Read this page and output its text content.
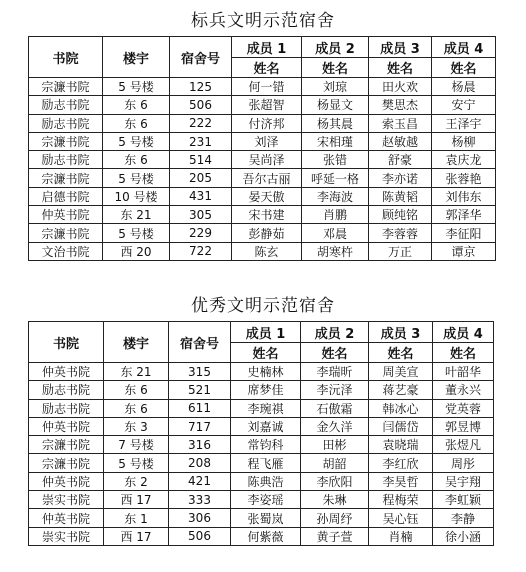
标兵文明示范宿舍
书院	楼宇	宿舍号	成员 1	成员 2	成员 3	成员 4
			姓名	姓名	姓名	姓名
宗濂书院	5 号楼	125	何一错	刘琼	田火欢	杨晨
励志书院	东 6	506	张超智	杨显文	樊思杰	安宁
励志书院	东 6	222	付济邦	杨其晨	索玉昌	王泽宇
宗濂书院	5 号楼	231	刘泽	宋相瑾	赵敏越	杨柳
励志书院	东 6	514	吴尚泽	张错	舒豪	袁庆龙
宗濂书院	5 号楼	205	吾尔古丽	呼延一格	李亦诺	张蓉艳
启德书院	10 号楼	431	晏天傲	李海波	陈黄韬	刘伟东
仲英书院	东 21	305	宋书建	肖鹏	顾纯铭	郭泽华
宗濂书院	5 号楼	229	彭静茹	邓晨	李蓉蓉	李征阳
文治书院	西 20	722	陈玄	胡寒杵	万正	谭京
优秀文明示范宿舍
书院	楼宇	宿舍号	成员 1	成员 2	成员 3	成员 4
			姓名	姓名	姓名	姓名
仲英书院	东 21	315	史楠林	李瑞昕	周美宣	叶韶华
励志书院	东 6	521	席梦佳	李沅泽	蒋艺豪	董永兴
励志书院	东 6	611	李琬祺	石傲霜	韩冰心	党英蓉
仲英书院	东 3	717	刘嘉诚	金久洋	闫儒岱	郭昱博
宗濂书院	7 号楼	316	常钧科	田彬	袁晓瑞	张煜凡
宗濂书院	5 号楼	208	程飞雁	胡韶	李红欣	周彤
仲英书院	东 2	421	陈典浩	李欣阳	李昊哲	吴宇翔
崇实书院	西 17	333	李姿瑶	朱琳	程梅荣	李虹颖
仲英书院	东 1	306	张蜀岚	孙周纾	吴心钰	李静
崇实书院	西 17	506	何紫薇	黄子萱	肖楠	徐小涵
